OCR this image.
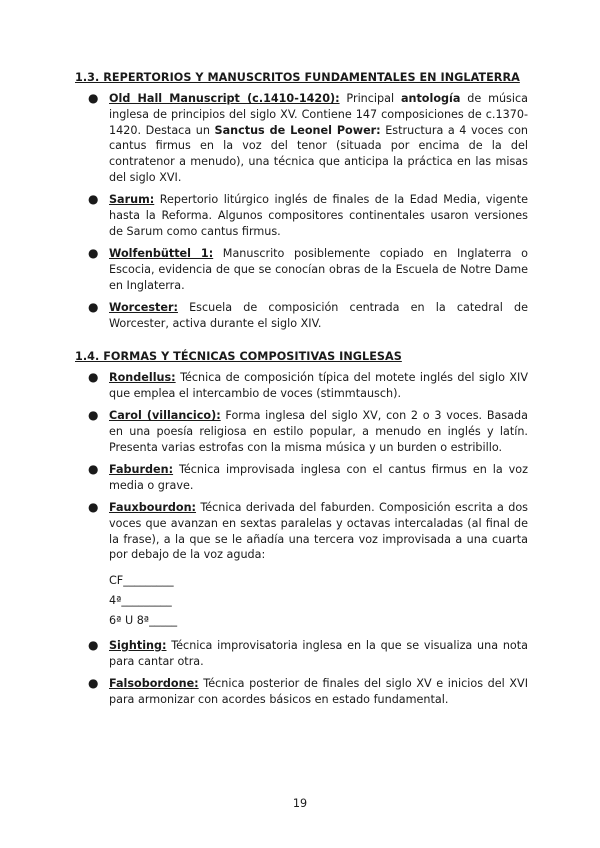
1.3. REPERTORIOS Y MANUSCRITOS FUNDAMENTALES EN INGLATERRA
● Old Hall Manuscript (c.1410-1420): Principal antología de música inglesa de principios del siglo XV. Contiene 147 composiciones de c.1370-1420. Destaca un Sanctus de Leonel Power: Estructura a 4 voces con cantus firmus en la voz del tenor (situada por encima de la del contratenor a menudo), una técnica que anticipa la práctica en las misas del siglo XVI.
● Sarum: Repertorio litúrgico inglés de finales de la Edad Media, vigente hasta la Reforma. Algunos compositores continentales usaron versiones de Sarum como cantus firmus.
● Wolfenbüttel 1: Manuscrito posiblemente copiado en Inglaterra o Escocia, evidencia de que se conocían obras de la Escuela de Notre Dame en Inglaterra.
● Worcester: Escuela de composición centrada en la catedral de Worcester, activa durante el siglo XIV.
1.4. FORMAS Y TÉCNICAS COMPOSITIVAS INGLESAS
● Rondellus: Técnica de composición típica del motete inglés del siglo XIV que emplea el intercambio de voces (stimmtausch).
● Carol (villancico): Forma inglesa del siglo XV, con 2 o 3 voces. Basada en una poesía religiosa en estilo popular, a menudo en inglés y latín. Presenta varias estrofas con la misma música y un burden o estribillo.
● Faburden: Técnica improvisada inglesa con el cantus firmus en la voz media o grave.
● Fauxbourdon: Técnica derivada del faburden. Composición escrita a dos voces que avanzan en sextas paralelas y octavas intercaladas (al final de la frase), a la que se le añadía una tercera voz improvisada a una cuarta por debajo de la voz aguda:
CF_________
4ª_________
6ª U 8ª_____
● Sighting: Técnica improvisatoria inglesa en la que se visualiza una nota para cantar otra.
● Falsobordone: Técnica posterior de finales del siglo XV e inicios del XVI para armonizar con acordes básicos en estado fundamental.
19
